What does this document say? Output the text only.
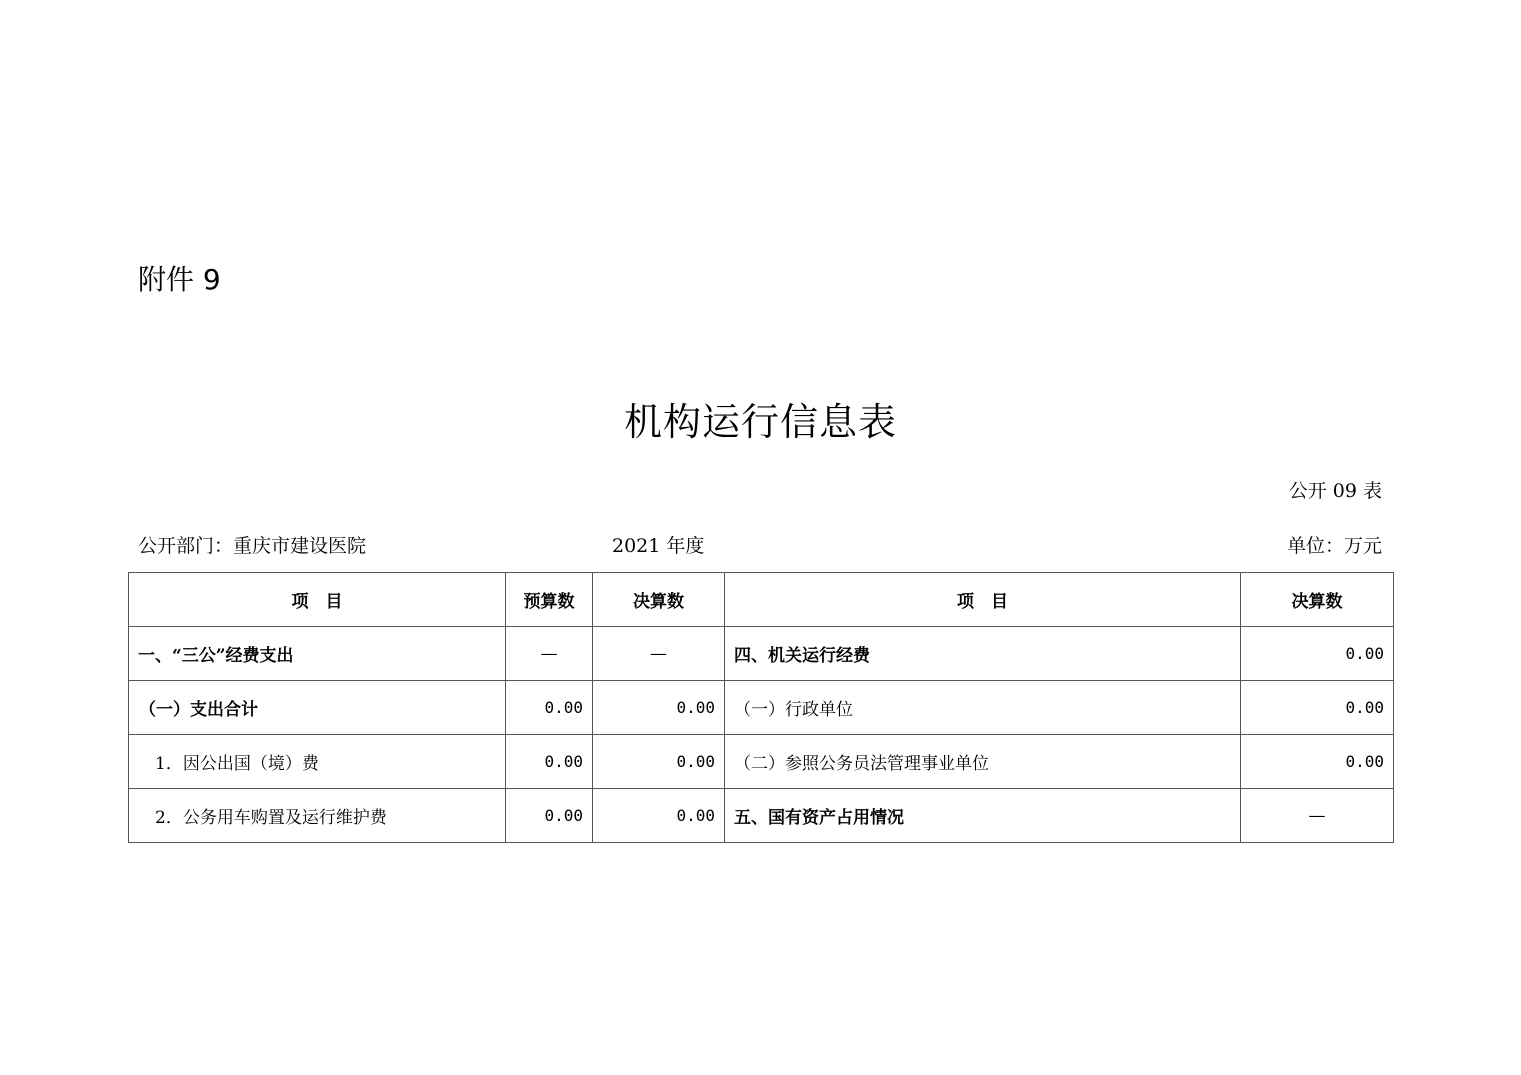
附件 9
机构运行信息表
公开 09 表
公开部门：重庆市建设医院	2021 年度	单位：万元
项　目	预算数	决算数	项　目	决算数
一、“三公”经费支出	—	—	四、机关运行经费	0.00
（一）支出合计	0.00	0.00	（一）行政单位	0.00
1．因公出国（境）费	0.00	0.00	（二）参照公务员法管理事业单位	0.00
2．公务用车购置及运行维护费	0.00	0.00	五、国有资产占用情况	—
